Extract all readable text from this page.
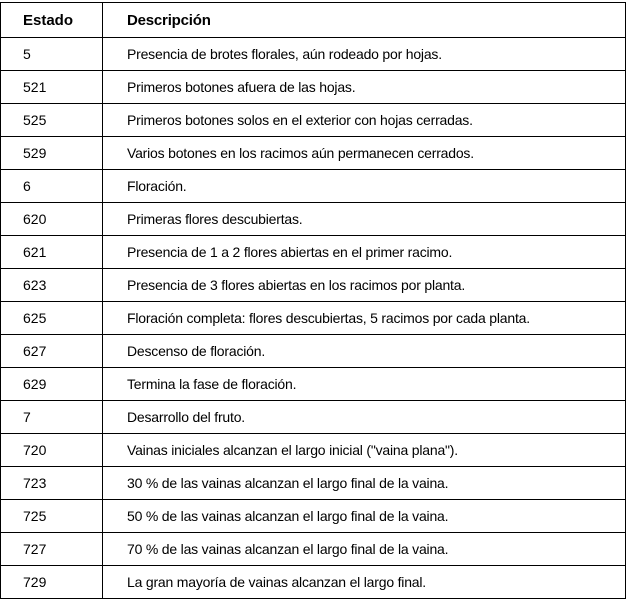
Estado	Descripción
5	Presencia de brotes florales, aún rodeado por hojas.
521	Primeros botones afuera de las hojas.
525	Primeros botones solos en el exterior con hojas cerradas.
529	Varios botones en los racimos aún permanecen cerrados.
6	Floración.
620	Primeras flores descubiertas.
621	Presencia de 1 a 2 flores abiertas en el primer racimo.
623	Presencia de 3 flores abiertas en los racimos por planta.
625	Floración completa: flores descubiertas, 5 racimos por cada planta.
627	Descenso de floración.
629	Termina la fase de floración.
7	Desarrollo del fruto.
720	Vainas iniciales alcanzan el largo inicial ("vaina plana").
723	30 % de las vainas alcanzan el largo final de la vaina.
725	50 % de las vainas alcanzan el largo final de la vaina.
727	70 % de las vainas alcanzan el largo final de la vaina.
729	La gran mayoría de vainas alcanzan el largo final.
